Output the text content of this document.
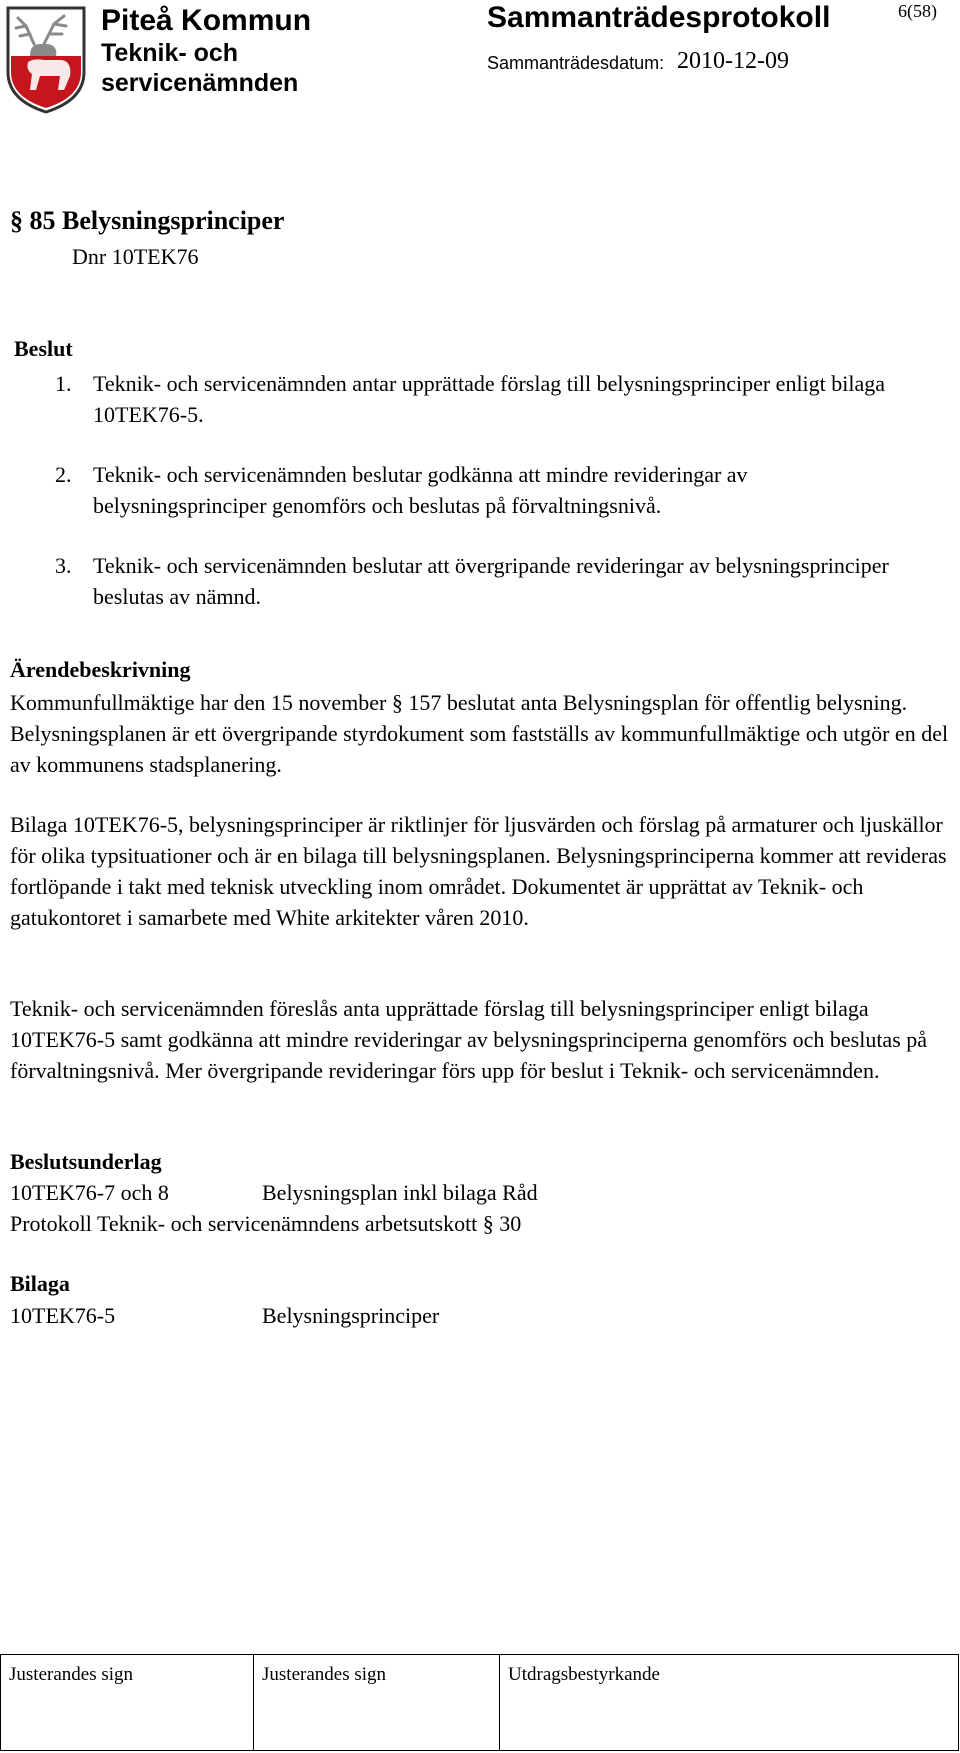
Piteå Kommun
Teknik- och
servicenämnden
Sammanträdesprotokoll	6(58)
Sammanträdesdatum: 2010-12-09
§ 85 Belysningsprinciper
Dnr 10TEK76
Beslut
1. Teknik- och servicenämnden antar upprättade förslag till belysningsprinciper enligt bilaga 10TEK76-5.
2. Teknik- och servicenämnden beslutar godkänna att mindre revideringar av belysningsprinciper genomförs och beslutas på förvaltningsnivå.
3. Teknik- och servicenämnden beslutar att övergripande revideringar av belysningsprinciper beslutas av nämnd.
Ärendebeskrivning
Kommunfullmäktige har den 15 november § 157 beslutat anta Belysningsplan för offentlig belysning. Belysningsplanen är ett övergripande styrdokument som fastställs av kommunfullmäktige och utgör en del av kommunens stadsplanering.
Bilaga 10TEK76-5, belysningsprinciper är riktlinjer för ljusvärden och förslag på armaturer och ljuskällor för olika typsituationer och är en bilaga till belysningsplanen. Belysningsprinciperna kommer att revideras fortlöpande i takt med teknisk utveckling inom området. Dokumentet är upprättat av Teknik- och gatukontoret i samarbete med White arkitekter våren 2010.
Teknik- och servicenämnden föreslås anta upprättade förslag till belysningsprinciper enligt bilaga 10TEK76-5 samt godkänna att mindre revideringar av belysningsprinciperna genomförs och beslutas på förvaltningsnivå. Mer övergripande revideringar förs upp för beslut i Teknik- och servicenämnden.
Beslutsunderlag
10TEK76-7 och 8	Belysningsplan inkl bilaga Råd
Protokoll Teknik- och servicenämndens arbetsutskott § 30
Bilaga
10TEK76-5	Belysningsprinciper
Justerandes sign	Justerandes sign	Utdragsbestyrkande
